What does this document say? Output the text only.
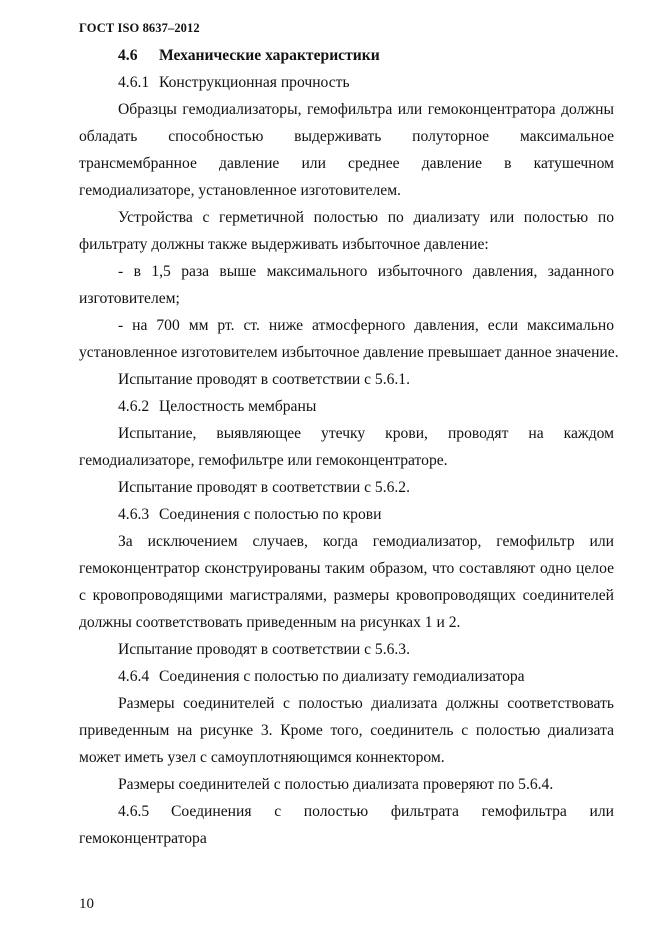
ГОСТ ISO 8637–2012
4.6 Механические характеристики
4.6.1 Конструкционная прочность
Образцы гемодиализаторы, гемофильтра или гемоконцентратора должны
обладать способностью выдерживать полуторное максимальное
трансмембранное давление или среднее давление в катушечном
гемодиализаторе, установленное изготовителем.
Устройства с герметичной полостью по диализату или полостью по
фильтрату должны также выдерживать избыточное давление:
- в 1,5 раза выше максимального избыточного давления, заданного
изготовителем;
- на 700 мм рт. ст. ниже атмосферного давления, если максимально
установленное изготовителем избыточное давление превышает данное значение.
Испытание проводят в соответствии с 5.6.1.
4.6.2 Целостность мембраны
Испытание, выявляющее утечку крови, проводят на каждом
гемодиализаторе, гемофильтре или гемоконцентраторе.
Испытание проводят в соответствии с 5.6.2.
4.6.3 Соединения с полостью по крови
За исключением случаев, когда гемодиализатор, гемофильтр или
гемоконцентратор сконструированы таким образом, что составляют одно целое
с кровопроводящими магистралями, размеры кровопроводящих соединителей
должны соответствовать приведенным на рисунках 1 и 2.
Испытание проводят в соответствии с 5.6.3.
4.6.4 Соединения с полостью по диализату гемодиализатора
Размеры соединителей с полостью диализата должны соответствовать
приведенным на рисунке 3. Кроме того, соединитель с полостью диализата
может иметь узел с самоуплотняющимся коннектором.
Размеры соединителей с полостью диализата проверяют по 5.6.4.
4.6.5	Соединения с полостью фильтрата гемофильтра или
гемоконцентратора
10
